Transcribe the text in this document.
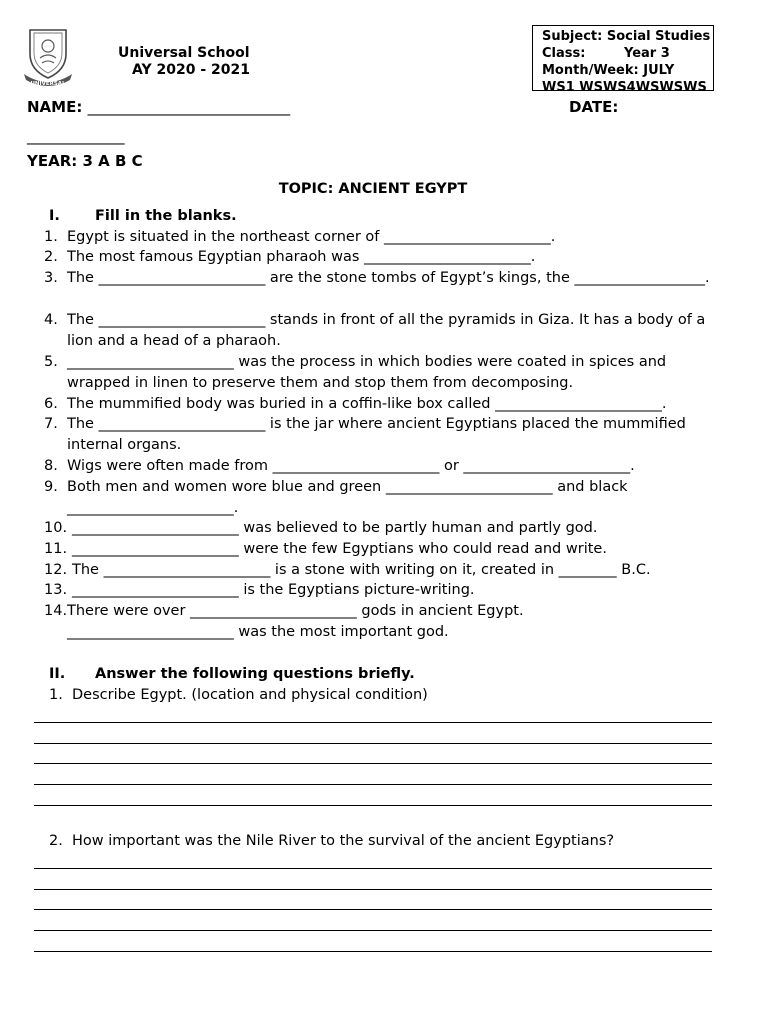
UNIVERSAL
Universal School
AY 2020 - 2021
Subject: Social Studies
Class:	Year 3
Month/Week: JULY
WS1 WSWS4WSWSWS
NAME: ___________________________	DATE:
_____________
YEAR: 3 A B C
TOPIC: ANCIENT EGYPT
I. Fill in the blanks.
1. Egypt is situated in the northeast corner of _______________________.
2. The most famous Egyptian pharaoh was _______________________.
3. The _______________________ are the stone tombs of Egypt’s kings, the __________________.
4. The _______________________ stands in front of all the pyramids in Giza. It has a body of a lion and a head of a pharaoh.
5. _______________________ was the process in which bodies were coated in spices and wrapped in linen to preserve them and stop them from decomposing.
6. The mummified body was buried in a coffin-like box called _______________________.
7. The _______________________ is the jar where ancient Egyptians placed the mummified internal organs.
8. Wigs were often made from _______________________ or _______________________.
9. Both men and women wore blue and green _______________________ and black _______________________.
10. _______________________ was believed to be partly human and partly god.
11. _______________________ were the few Egyptians who could read and write.
12. The _______________________ is a stone with writing on it, created in ________ B.C.
13. _______________________ is the Egyptians picture-writing.
14. There were over _______________________ gods in ancient Egypt. _______________________ was the most important god.
II. Answer the following questions briefly.
1. Describe Egypt. (location and physical condition)
2. How important was the Nile River to the survival of the ancient Egyptians?
